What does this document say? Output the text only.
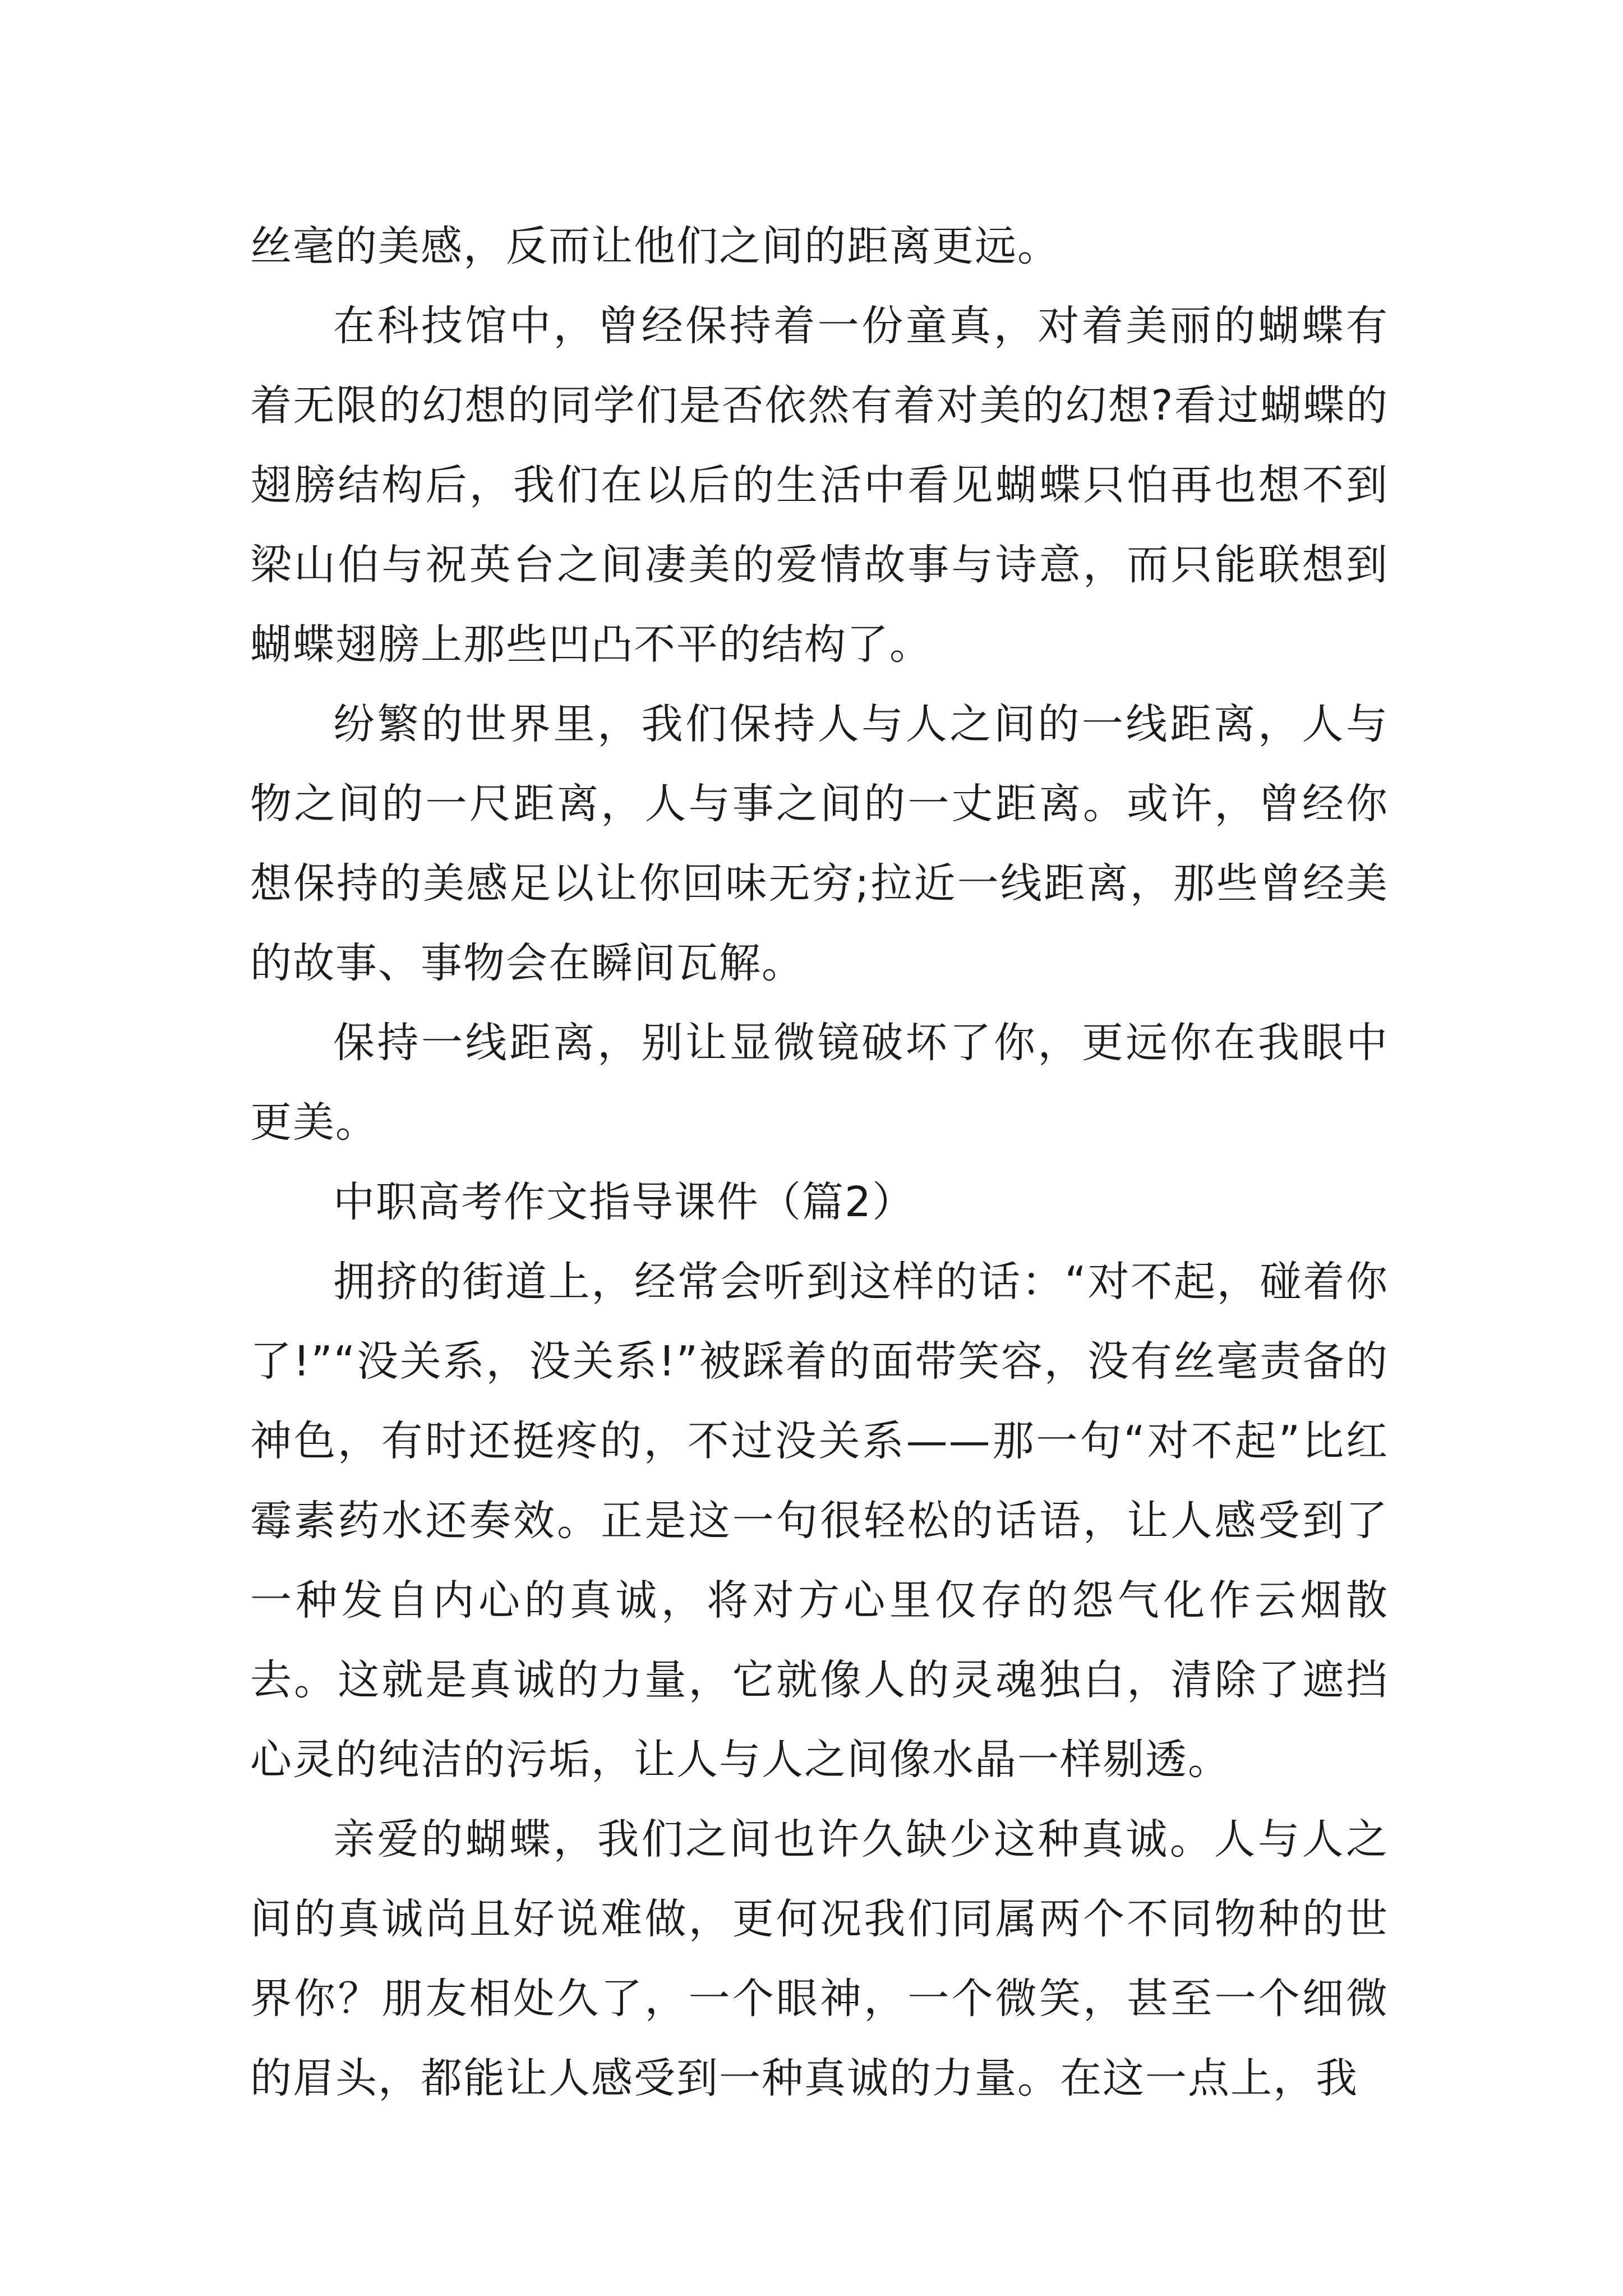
丝毫的美感，反而让他们之间的距离更远。

在科技馆中，曾经保持着一份童真，对着美丽的蝴蝶有着无限的幻想的同学们是否依然有着对美的幻想?看过蝴蝶的翅膀结构后，我们在以后的生活中看见蝴蝶只怕再也想不到梁山伯与祝英台之间凄美的爱情故事与诗意，而只能联想到蝴蝶翅膀上那些凹凸不平的结构了。

纷繁的世界里，我们保持人与人之间的一线距离，人与物之间的一尺距离，人与事之间的一丈距离。或许，曾经你想保持的美感足以让你回味无穷;拉近一线距离，那些曾经美的故事、事物会在瞬间瓦解。

保持一线距离，别让显微镜破坏了你，更远你在我眼中更美。

中职高考作文指导课件（篇2）

拥挤的街道上，经常会听到这样的话：“对不起，碰着你了!”“没关系，没关系!”被踩着的面带笑容，没有丝毫责备的神色，有时还挺疼的，不过没关系——那一句“对不起”比红霉素药水还奏效。正是这一句很轻松的话语，让人感受到了一种发自内心的真诚，将对方心里仅存的怨气化作云烟散去。这就是真诚的力量，它就像人的灵魂独白，清除了遮挡心灵的纯洁的污垢，让人与人之间像水晶一样剔透。

亲爱的蝴蝶，我们之间也许久缺少这种真诚。人与人之间的真诚尚且好说难做，更何况我们同属两个不同物种的世界你？朋友相处久了，一个眼神，一个微笑，甚至一个细微的眉头，都能让人感受到一种真诚的力量。在这一点上，我
